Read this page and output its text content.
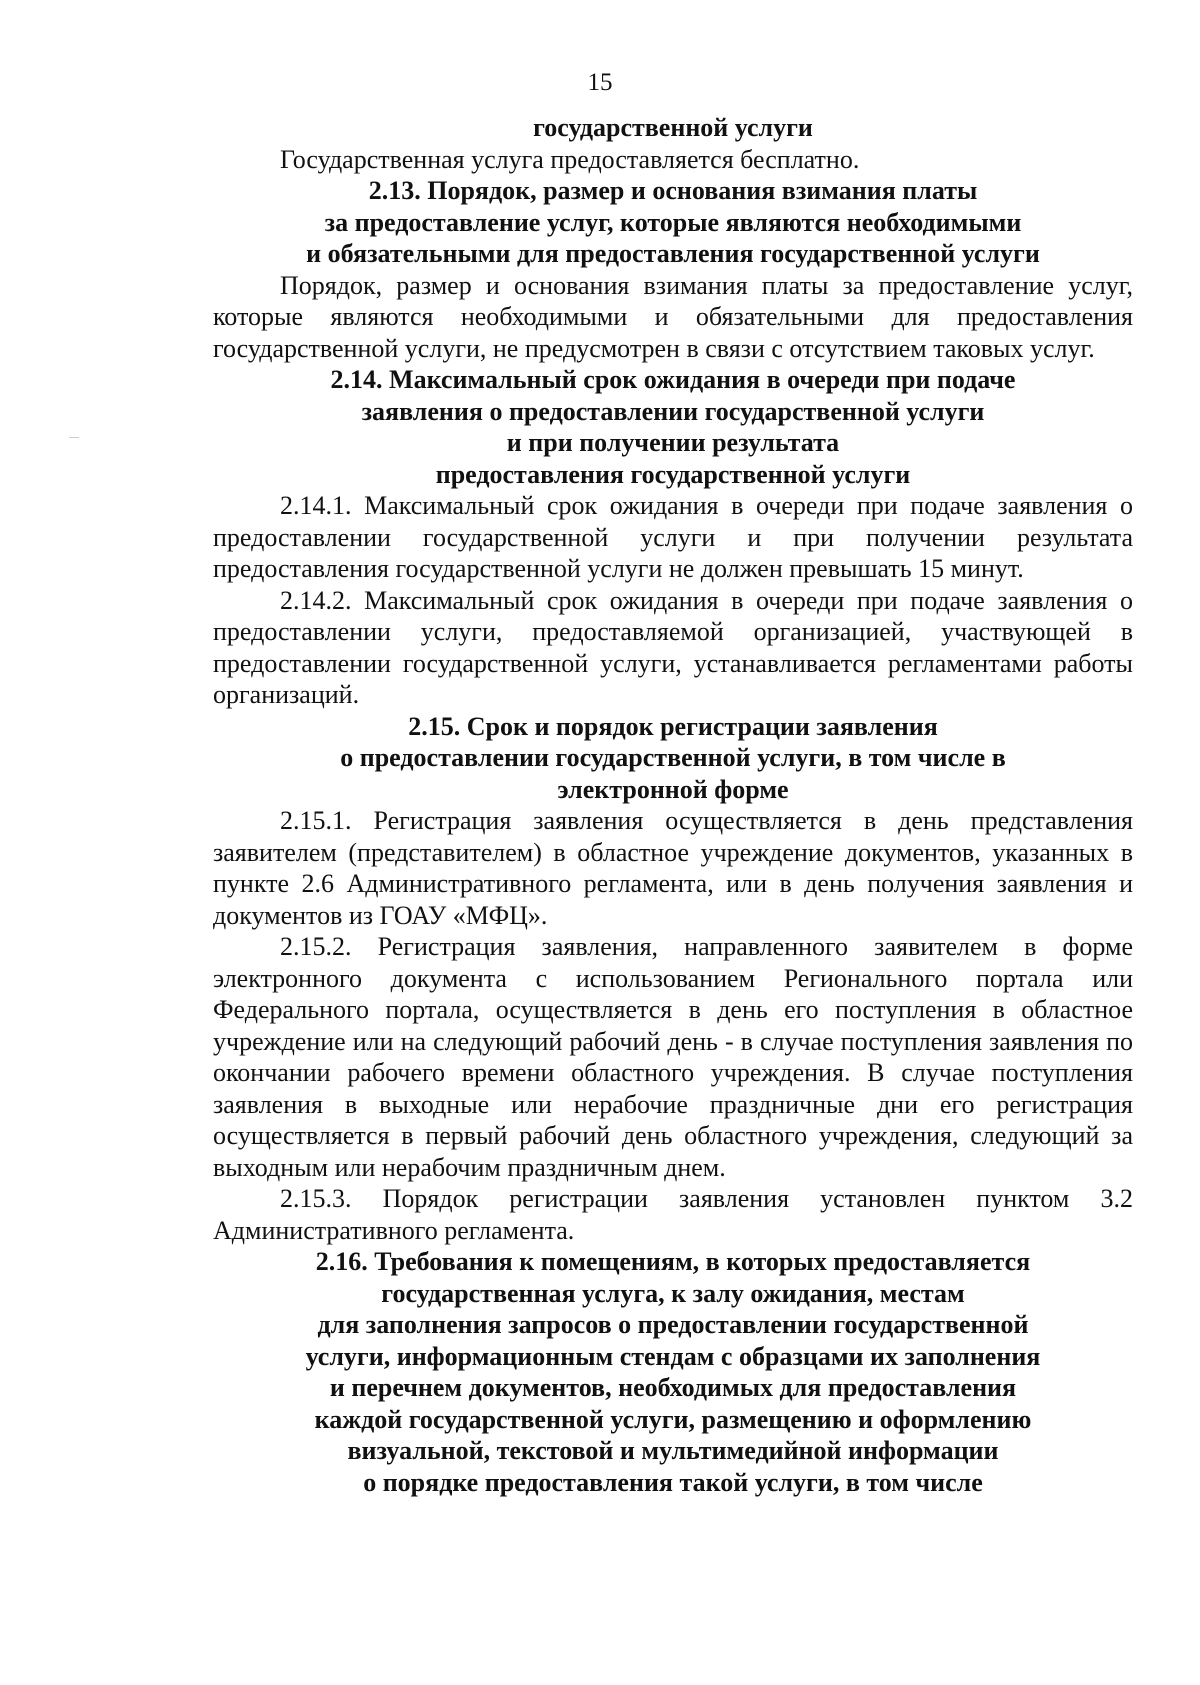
15
государственной услуги

Государственная услуга предоставляется бесплатно.

2.13. Порядок, размер и основания взимания платы
за предоставление услуг, которые являются необходимыми
и обязательными для предоставления государственной услуги

Порядок, размер и основания взимания платы за предоставление услуг, которые являются необходимыми и обязательными для предоставления государственной услуги, не предусмотрен в связи с отсутствием таковых услуг.

2.14. Максимальный срок ожидания в очереди при подаче
заявления о предоставлении государственной услуги
и при получении результата
предоставления государственной услуги

2.14.1. Максимальный срок ожидания в очереди при подаче заявления о предоставлении государственной услуги и при получении результата предоставления государственной услуги не должен превышать 15 минут.

2.14.2. Максимальный срок ожидания в очереди при подаче заявления о предоставлении услуги, предоставляемой организацией, участвующей в предоставлении государственной услуги, устанавливается регламентами работы организаций.

2.15. Срок и порядок регистрации заявления
о предоставлении государственной услуги, в том числе в
электронной форме

2.15.1. Регистрация заявления осуществляется в день представления заявителем (представителем) в областное учреждение документов, указанных в пункте 2.6 Административного регламента, или в день получения заявления и документов из ГОАУ «МФЦ».

2.15.2. Регистрация заявления, направленного заявителем в форме электронного документа с использованием Регионального портала или Федерального портала, осуществляется в день его поступления в областное учреждение или на следующий рабочий день - в случае поступления заявления по окончании рабочего времени областного учреждения. В случае поступления заявления в выходные или нерабочие праздничные дни его регистрация осуществляется в первый рабочий день областного учреждения, следующий за выходным или нерабочим праздничным днем.

2.15.3. Порядок регистрации заявления установлен пунктом 3.2 Административного регламента.

2.16. Требования к помещениям, в которых предоставляется
государственная услуга, к залу ожидания, местам
для заполнения запросов о предоставлении государственной
услуги, информационным стендам с образцами их заполнения
и перечнем документов, необходимых для предоставления
каждой государственной услуги, размещению и оформлению
визуальной, текстовой и мультимедийной информации
о порядке предоставления такой услуги, в том числе
